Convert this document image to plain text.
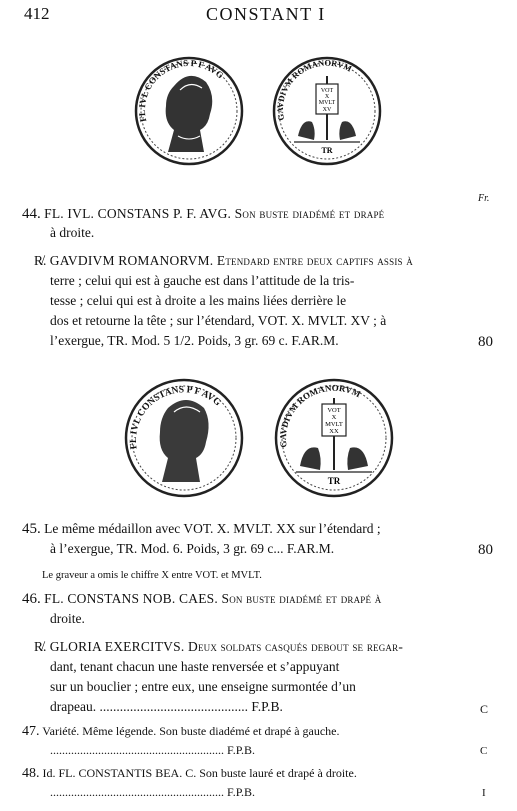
412	CONSTANT I
Fr.
FL IVL CONSTANS P F AVG
VOT
X
MVLT
XV
TR
GAVDIVM ROMANORVM
44. FL. IVL. CONSTANS P. F. AVG. Son buste diadémé et drapé
à droite.
R̸. GAVDIVM ROMANORVM. Etendard entre deux captifs assis à
terre ; celui qui est à gauche est dans l’attitude de la tris-
tesse ; celui qui est à droite a les mains liées derrière le
dos et retourne la tête ; sur l’étendard, VOT. X. MVLT. XV ; à
l’exergue, TR. Mod. 5 1/2. Poids, 3 gr. 69 c. F.AR.M.	80
FL IVL CONSTANS P F AVG
VOT
X
MVLT
XX
TR
GAVDIVM ROMANORVM
45. Le même médaillon avec VOT. X. MVLT. XX sur l’étendard ;
à l’exergue, TR. Mod. 6. Poids, 3 gr. 69 c... F.AR.M.	80
Le graveur a omis le chiffre X entre VOT. et MVLT.
46. FL. CONSTANS NOB. CAES. Son buste diadémé et drapé à
droite.
R̸. GLORIA EXERCITVS. Deux soldats casqués debout se regar-
dant, tenant chacun une haste renversée et s’appuyant
sur un bouclier ; entre eux, une enseigne surmontée d’un
drapeau. ............................................ F.P.B.	C
47. Variété. Même légende. Son buste diadémé et drapé à gauche.
.......................................................... F.P.B.	C
48. Id. FL. CONSTANTIS BEA. C. Son buste lauré et drapé à droite.
.......................................................... F.P.B.	I
